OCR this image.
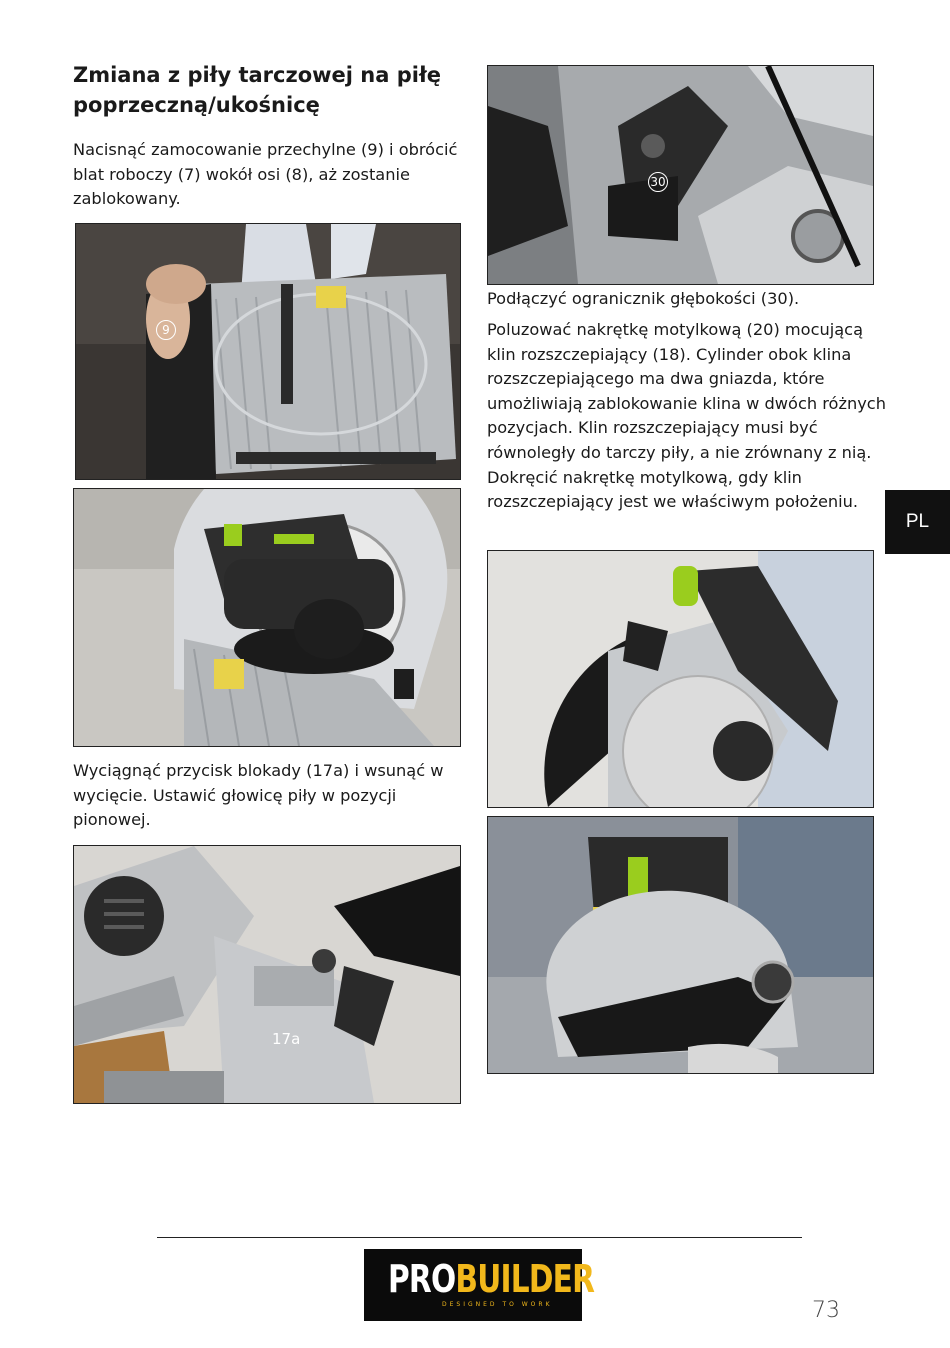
Zmiana z piły tarczowej na piłę poprzeczną/ukośnicę

Nacisnąć zamocowanie przechylne (9) i obrócić blat roboczy (7) wokół osi (8), aż zostanie zablokowany.

9

Wyciągnąć przycisk blokady (17a) i wsunąć w wycięcie. Ustawić głowicę piły w pozycji pionowej.

17a
30

Podłączyć ogranicznik głębokości (30).

Poluzować nakrętkę motylkową (20) mocującą klin rozszczepiający (18). Cylinder obok klina rozszczepiającego ma dwa gniazda, które umożliwiają zablokowanie klina w dwóch różnych pozycjach. Klin rozszczepiający musi być równoległy do tarczy piły, a nie zrównany z nią. Dokręcić nakrętkę motylkową, gdy klin rozszczepiający jest we właściwym położeniu.

PL
PROBUILDER
DESIGNED TO WORK	73
